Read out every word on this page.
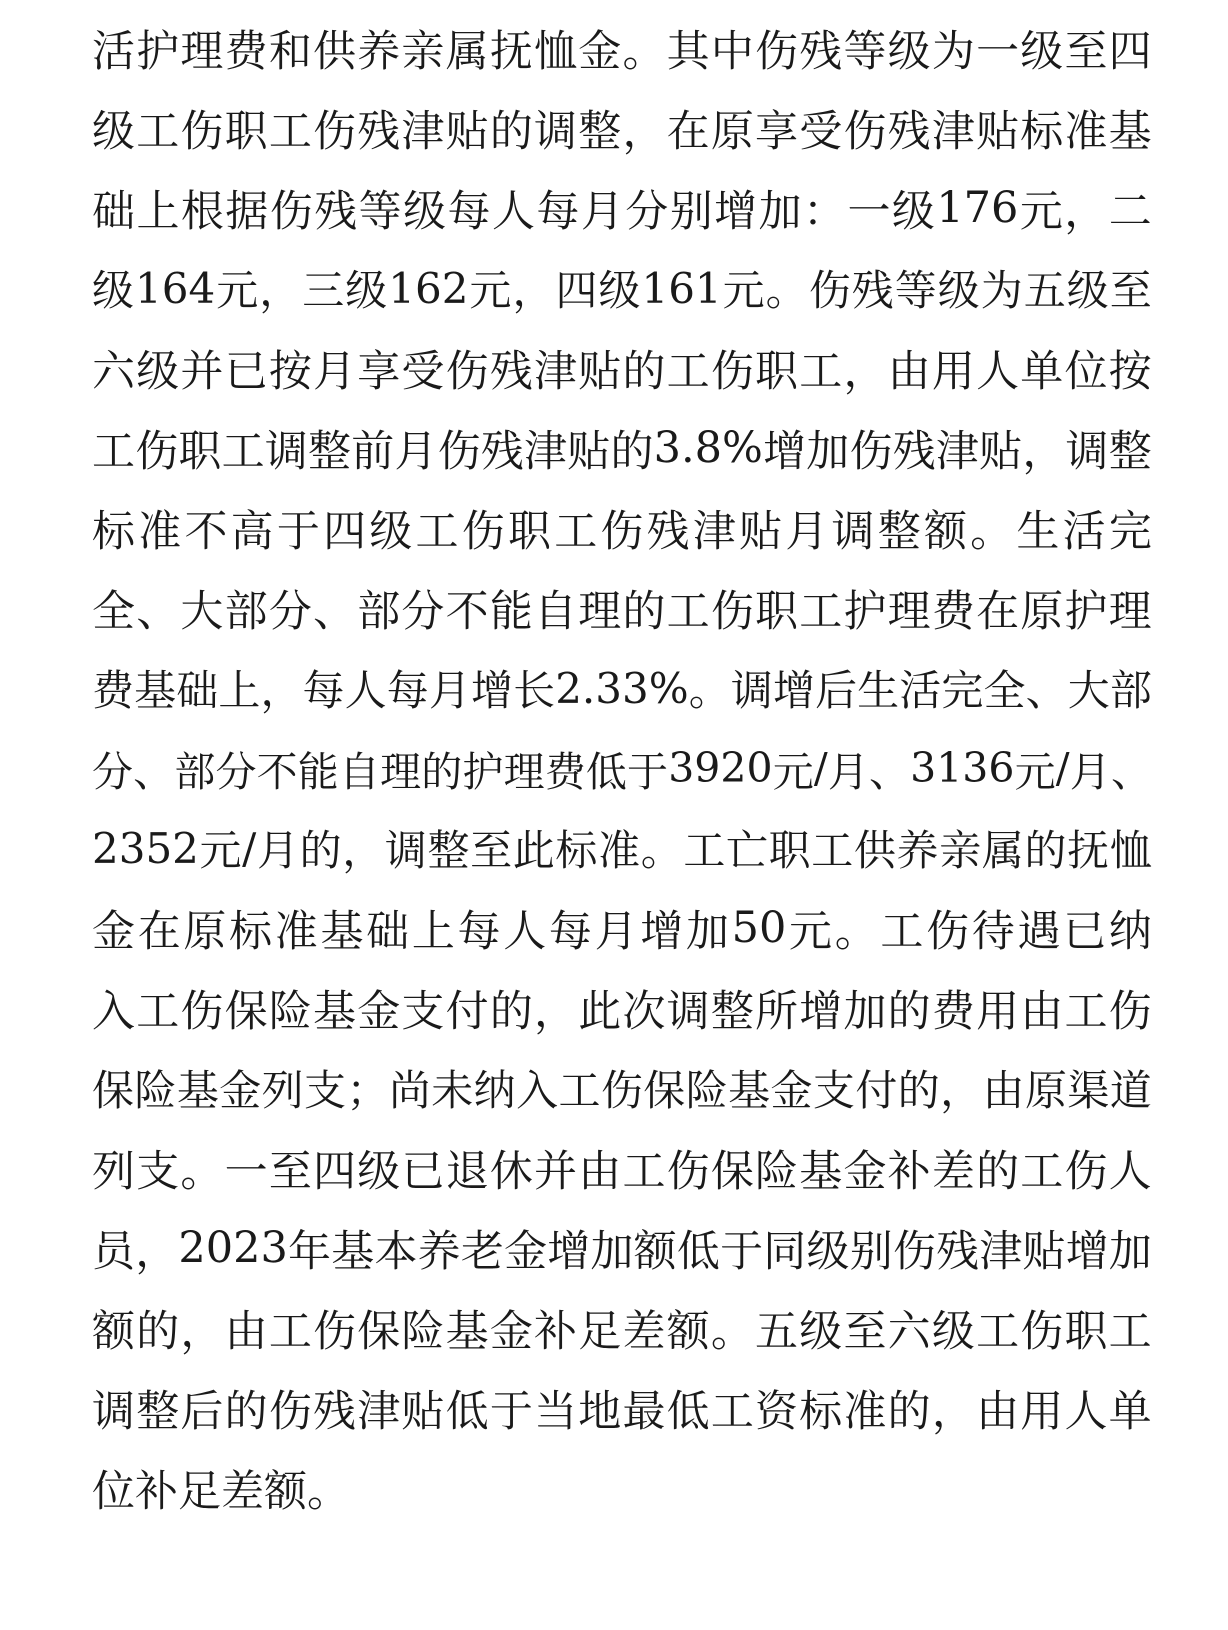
活 护 理 费 和 供 养 亲 属 抚 恤 金 。 其 中 伤 残 等 级 为 一 级 至 四
级 工 伤 职 工 伤 残 津 贴 的 调 整 ， 在 原 享 受 伤 残 津 贴 标 准 基
础 上 根 据 伤 残 等 级 每 人 每 月 分 别 增 加 ： 一 级 176 元 ， 二
级 164 元 ， 三 级 162 元 ， 四 级 161 元 。 伤 残 等 级 为 五 级 至
六 级 并 已 按 月 享 受 伤 残 津 贴 的 工 伤 职 工 ， 由 用 人 单 位 按
工 伤 职 工 调 整 前 月 伤 残 津 贴 的 3.8% 增 加 伤 残 津 贴 ， 调 整
标 准 不 高 于 四 级 工 伤 职 工 伤 残 津 贴 月 调 整 额 。 生 活 完
全 、 大 部 分 、 部 分 不 能 自 理 的 工 伤 职 工 护 理 费 在 原 护 理
费 基 础 上 ， 每 人 每 月 增 长 2.33% 。 调 增 后 生 活 完 全 、 大 部
分 、 部 分 不 能 自 理 的 护 理 费 低 于 3920 元 / 月 、 3136 元 / 月 、
2352 元 / 月 的 ， 调 整 至 此 标 准 。 工 亡 职 工 供 养 亲 属 的 抚 恤
金 在 原 标 准 基 础 上 每 人 每 月 增 加 50 元 。 工 伤 待 遇 已 纳
入 工 伤 保 险 基 金 支 付 的 ， 此 次 调 整 所 增 加 的 费 用 由 工 伤
保 险 基 金 列 支 ； 尚 未 纳 入 工 伤 保 险 基 金 支 付 的 ， 由 原 渠 道
列 支 。 一 至 四 级 已 退 休 并 由 工 伤 保 险 基 金 补 差 的 工 伤 人
员 ， 2023 年 基 本 养 老 金 增 加 额 低 于 同 级 别 伤 残 津 贴 增 加
额 的 ， 由 工 伤 保 险 基 金 补 足 差 额 。 五 级 至 六 级 工 伤 职 工
调 整 后 的 伤 残 津 贴 低 于 当 地 最 低 工 资 标 准 的 ， 由 用 人 单
位补足差额。
